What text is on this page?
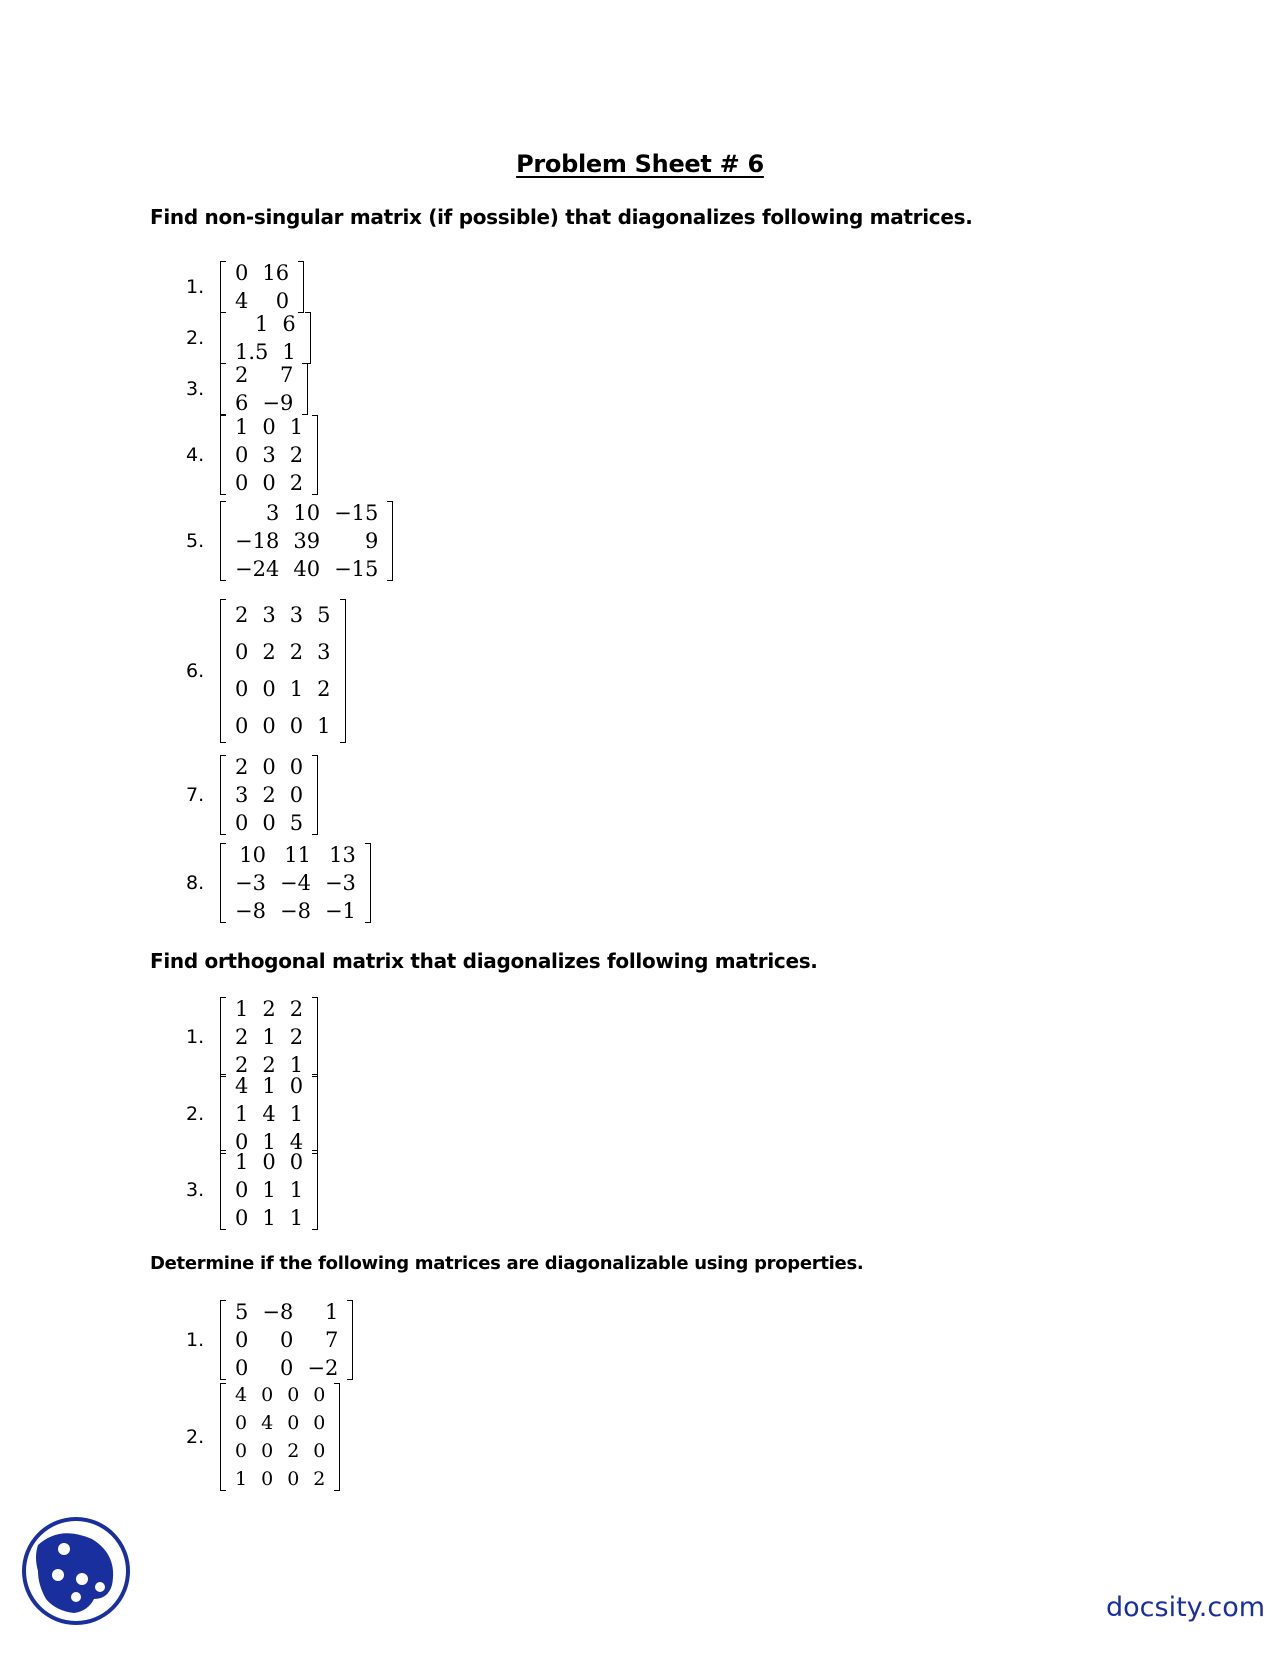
Problem Sheet # 6
Find non-singular matrix (if possible) that diagonalizes following matrices.
1.
0	16
4	0
2.
1	6
1.5	1
3.
2	7
6	−9
4.
1	0	1
0	3	2
0	0	2
5.
3	10	−15
−18	39	9
−24	40	−15
6.
2	3	3	5
0	2	2	3
0	0	1	2
0	0	0	1
7.
2	0	0
3	2	0
0	0	5
8.
10	11	13
−3	−4	−3
−8	−8	−1
Find orthogonal matrix that diagonalizes following matrices.
1.
1	2	2
2	1	2
2	2	1
2.
4	1	0
1	4	1
0	1	4
3.
1	0	0
0	1	1
0	1	1
Determine if the following matrices are diagonalizable using properties.
1.
5	−8	1
0	0	7
0	0	−2
2.
4	0	0	0
0	4	0	0
0	0	2	0
1	0	0	2
docsity.com
